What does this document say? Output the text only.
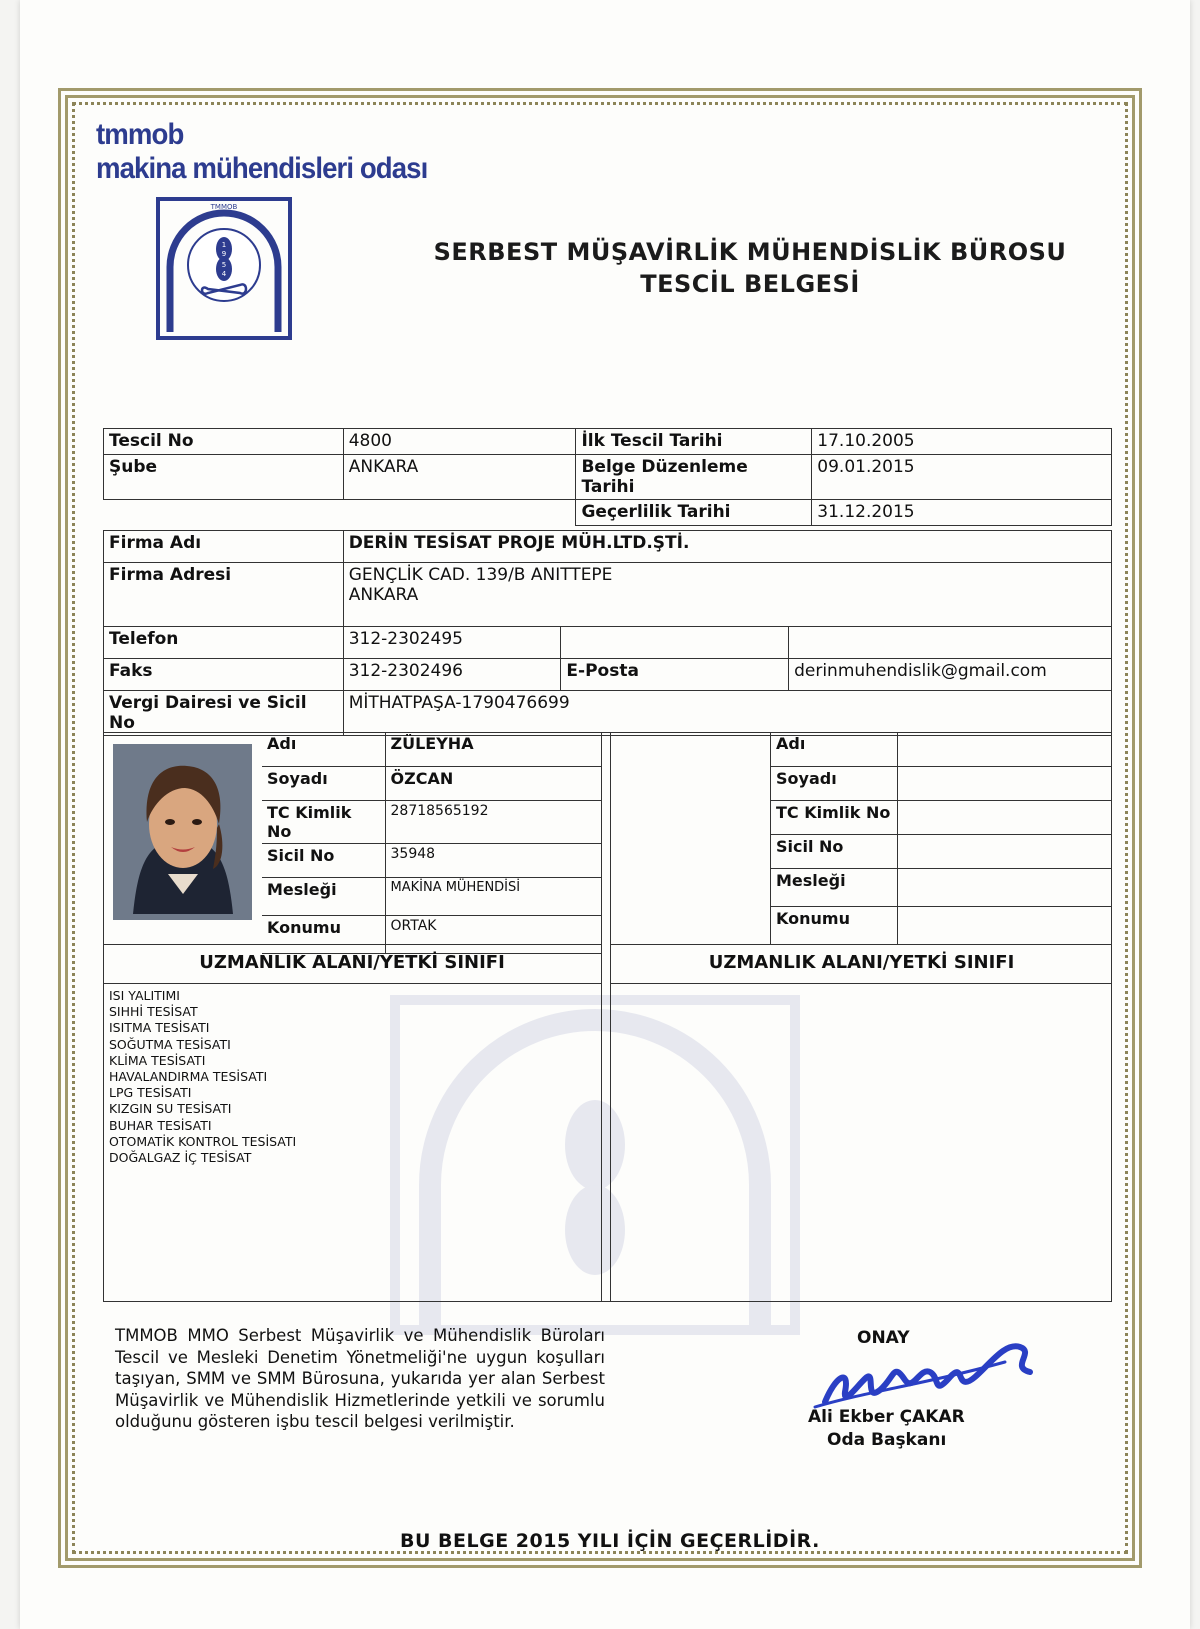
tmmob
makina mühendisleri odası
TMMOB
1
9
5
4
SERBEST MÜŞAVİRLİK MÜHENDİSLİK BÜROSU
TESCİL BELGESİ
Tescil No	4800	İlk Tescil Tarihi	17.10.2005
Şube	ANKARA	Belge Düzenleme Tarihi	09.01.2015
		Geçerlilik Tarihi	31.12.2015
Firma Adı	DERİN TESİSAT PROJE MÜH.LTD.ŞTİ.		
Firma Adresi	GENÇLİK CAD. 139/B ANITTEPE
ANKARA		

Telefon	312-2302495		
Faks	312-2302496	E-Posta	derinmuhendislik@gmail.com
Vergi Dairesi ve Sicil No	MİTHATPAŞA-1790476699		
Adı	ZÜLEYHA
Soyadı	ÖZCAN
TC Kimlik No	28718565192
Sicil No	35948
Mesleği	MAKİNA MÜHENDİSİ
Konumu	ORTAK
Adı	
Soyadı	
TC Kimlik No	
Sicil No	
Mesleği	
Konumu	
UZMANLIK ALANI/YETKİ SINIFI	UZMANLIK ALANI/YETKİ SINIFI
ISI YALITIMI
SIHHİ TESİSAT
ISITMA TESİSATI
SOĞUTMA TESİSATI
KLİMA TESİSATI
HAVALANDIRMA TESİSATI
LPG TESİSATI
KIZGIN SU TESİSATI
BUHAR TESİSATI
OTOMATİK KONTROL TESİSATI
DOĞALGAZ İÇ TESİSAT
TMMOB MMO Serbest Müşavirlik ve Mühendislik Büroları Tescil ve Mesleki Denetim Yönetmeliği'ne uygun koşulları taşıyan, SMM ve SMM Bürosuna, yukarıda yer alan Serbest Müşavirlik ve Mühendislik Hizmetlerinde yetkili ve sorumlu olduğunu gösteren işbu tescil belgesi verilmiştir.
ONAY
Ali Ekber ÇAKAR
Oda Başkanı
BU BELGE 2015 YILI İÇİN GEÇERLİDİR.
